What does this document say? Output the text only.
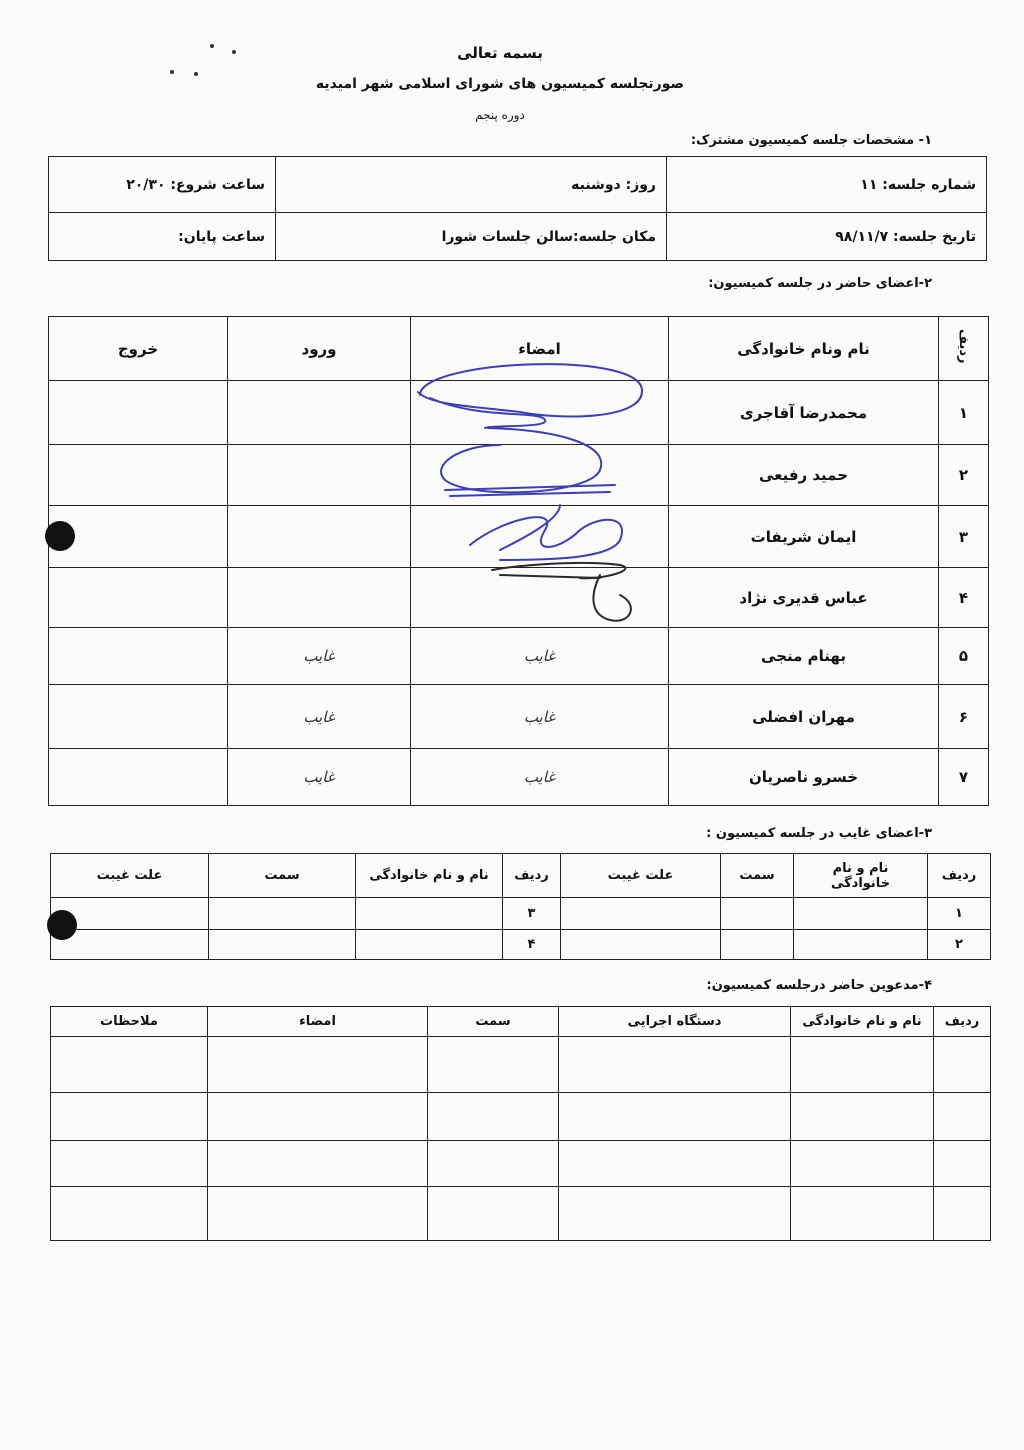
بسمه تعالی
صورتجلسه کمیسیون های شورای اسلامی شهر امیدیه
دوره پنجم
۱- مشخصات جلسه کمیسیون مشترک:
شماره جلسه: ۱۱	روز: دوشنبه	ساعت شروع: ۲۰/۳۰
تاریخ جلسه: ۹۸/۱۱/۷	مکان جلسه:سالن جلسات شورا	ساعت پایان:
۲-اعضای حاضر در جلسه کمیسیون:
ردیف	نام ونام خانوادگی	امضاء	ورود	خروج
۱	محمدرضا آقاجری			
۲	حمید رفیعی			
۳	ایمان شریفات			
۴	عباس قدیری نژاد			
۵	بهنام منجی	غایب	غایب	
۶	مهران افضلی	غایب	غایب	
۷	خسرو ناصریان	غایب	غایب	
۳-اعضای غایب در جلسه کمیسیون :
ردیف	نام و نام خانوادگی	سمت	علت غیبت	ردیف	نام و نام خانوادگی	سمت	علت غیبت
۱				۳			
۲				۴			
۴-مدعوین حاضر درجلسه کمیسیون:
ردیف	نام و نام خانوادگی	دستگاه اجرایی	سمت	امضاء	ملاحظات
